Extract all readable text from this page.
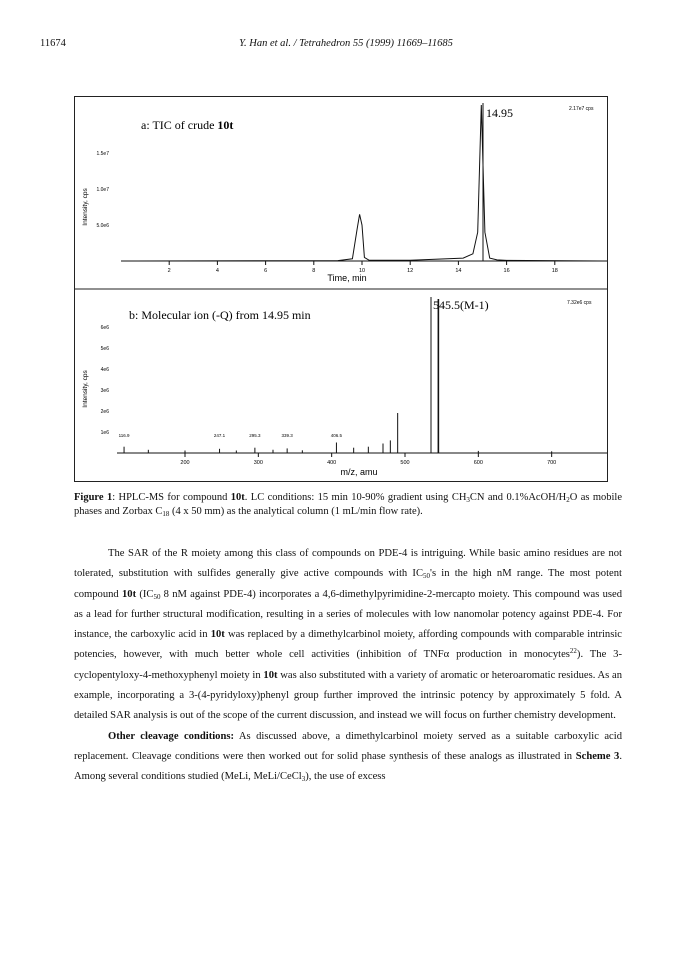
11674	Y. Han et al. / Tetrahedron 55 (1999) 11669–11685
a: TIC of crude 10t
14.95	2.17e7 cps
Intensity, cps
Time, min
1.5e7
1.0e7
5.0e6
2	4	6	8	10	12	14	16	18
b: Molecular ion (-Q) from 14.95 min
545.5(M-1)	7.32e6 cps
Intensity, cps
m/z, amu
6e6
5e6
4e6
3e6
2e6
1e6
200	300	400	500	600	700
116.9	247.1	295.3	339.3	406.5
Figure 1: HPLC-MS for compound 10t. LC conditions: 15 min 10-90% gradient using $CH_3CN$ and $0.1\%AcOH/H_2O$ as mobile phases and Zorbax $C_{18}$ (4 x 50 mm) as the analytical column (1 mL/min flow rate).

The SAR of the R moiety among this class of compounds on PDE-4 is intriguing. While basic amino residues are not tolerated, substitution with sulfides generally give active compounds with $IC_{50}'s$ in the high nM range. The most potent compound 10t ($IC_{50}$ 8 nM against PDE-4) incorporates a 4,6-dimethylpyrimidine-2-mercapto moiety. This compound was used as a lead for further structural modification, resulting in a series of molecules with low nanomolar potency against PDE-4. For instance, the carboxylic acid in 10t was replaced by a dimethylcarbinol moiety, affording compounds with comparable intrinsic potencies, however, with much better whole cell activities (inhibition of TNFα production in monocytes$^{22}$). The 3-cyclopentyloxy-4-methoxyphenyl moiety in 10t was also substituted with a variety of aromatic or heteroaromatic residues. As an example, incorporating a 3-(4-pyridyloxy)phenyl group further improved the intrinsic potency by approximately 5 fold. A detailed SAR analysis is out of the scope of the current discussion, and instead we will focus on further chemistry development.

Other cleavage conditions: As discussed above, a dimethylcarbinol moiety served as a suitable carboxylic acid replacement. Cleavage conditions were then worked out for solid phase synthesis of these analogs as illustrated in Scheme 3. Among several conditions studied (MeLi, MeLi/CeCl$_3$), the use of excess
